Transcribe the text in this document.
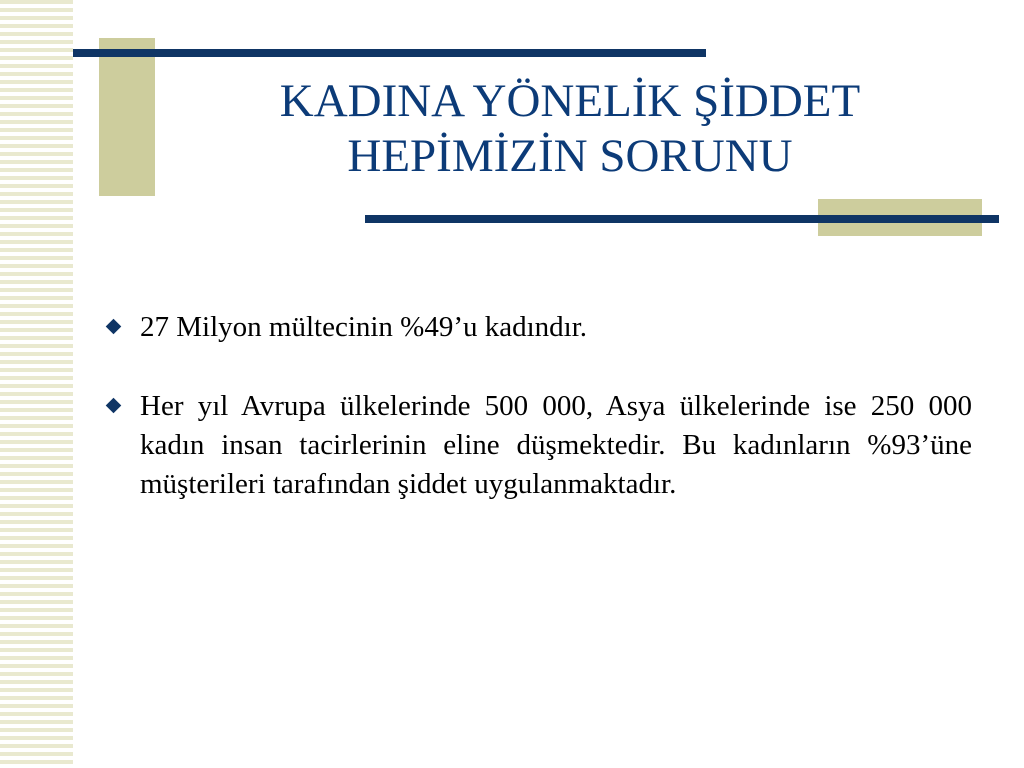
KADINA YÖNELİK ŞİDDET
HEPİMİZİN SORUNU
27 Milyon mültecinin %49’u kadındır.
Her yıl Avrupa ülkelerinde 500 000, Asya ülkelerinde ise 250 000 kadın insan tacirlerinin eline düşmektedir. Bu kadınların %93’üne müşterileri tarafından şiddet uygulanmaktadır.
